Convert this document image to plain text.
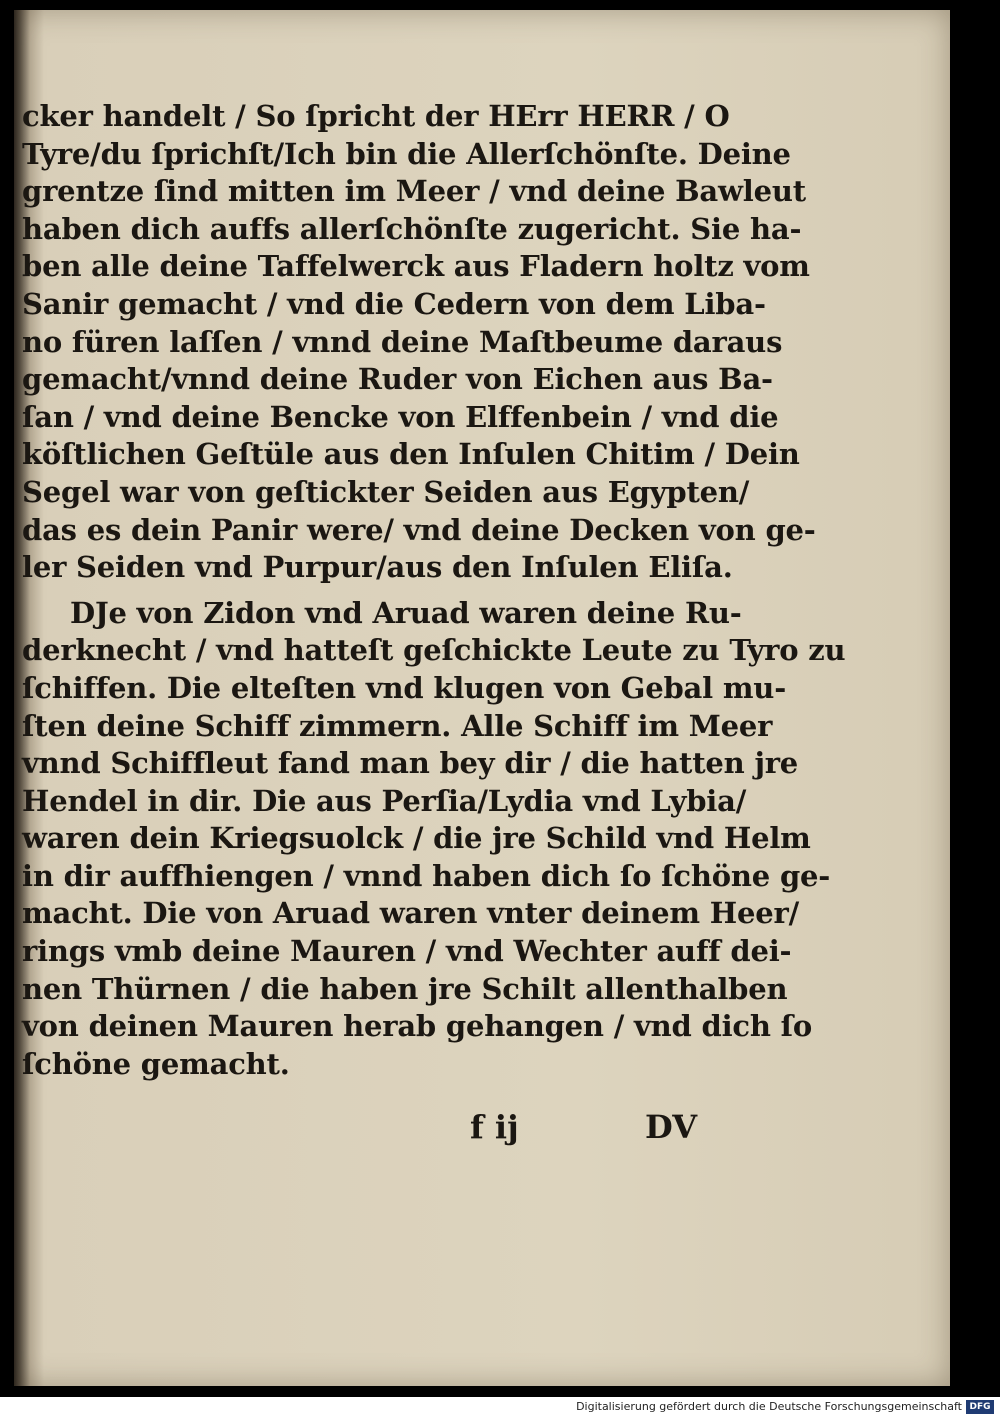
cker handelt / So ſpricht der HErr HERR / O
Tyre/du ſprichſt/Ich bin die Allerſchönſte. Deine
grentze ſind mitten im Meer / vnd deine Bawleut
haben dich auffs allerſchönſte zugericht. Sie ha-
ben alle deine Taffelwerck aus Fladern holtz vom
Sanir gemacht / vnd die Cedern von dem Liba-
no füren laſſen / vnnd deine Maſtbeume daraus
gemacht/vnnd deine Ruder von Eichen aus Ba-
ſan / vnd deine Bencke von Elffenbein / vnd die
köſtlichen Geſtüle aus den Inſulen Chitim / Dein
Segel war von geſtickter Seiden aus Egypten/
das es dein Panir were/ vnd deine Decken von ge-
ler Seiden vnd Purpur/aus den Inſulen Eliſa.
DJe von Zidon vnd Aruad waren deine Ru-
derknecht / vnd hatteſt geſchickte Leute zu Tyro zu
ſchiffen. Die elteſten vnd klugen von Gebal mu-
ſten deine Schiff zimmern. Alle Schiff im Meer
vnnd Schiffleut fand man bey dir / die hatten jre
Hendel in dir. Die aus Perſia/Lydia vnd Lybia/
waren dein Kriegsuolck / die jre Schild vnd Helm
in dir auffhiengen / vnnd haben dich ſo ſchöne ge-
macht. Die von Aruad waren vnter deinem Heer/
rings vmb deine Mauren / vnd Wechter auff dei-
nen Thürnen / die haben jre Schilt allenthalben
von deinen Mauren herab gehangen / vnd dich ſo
ſchöne gemacht.
f ij	DV
Digitalisierung gefördert durch die Deutsche Forschungsgemeinschaft DFG
